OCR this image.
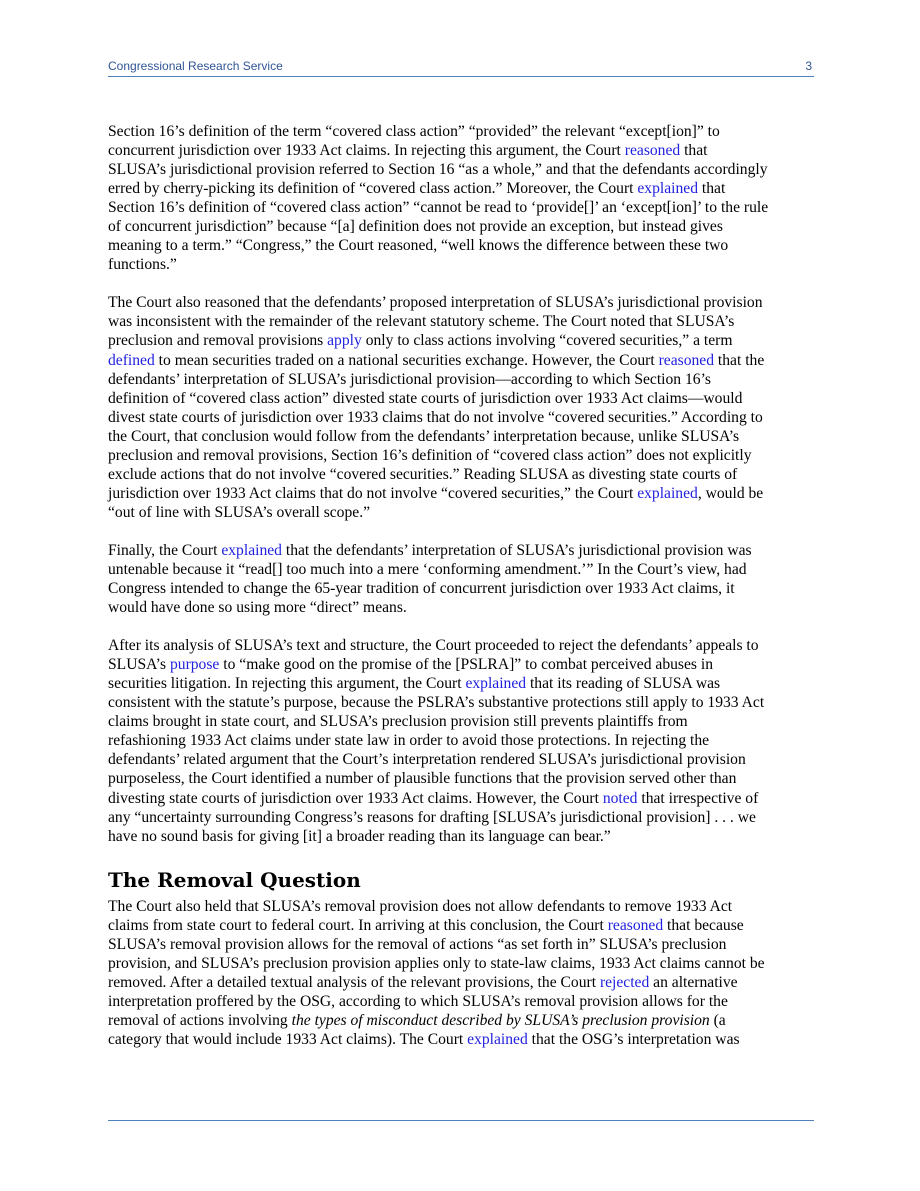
Congressional Research Service	3

Section 16’s definition of the term “covered class action” “provided” the relevant “except[ion]” to
concurrent jurisdiction over 1933 Act claims. In rejecting this argument, the Court reasoned that
SLUSA’s jurisdictional provision referred to Section 16 “as a whole,” and that the defendants accordingly
erred by cherry-picking its definition of “covered class action.” Moreover, the Court explained that
Section 16’s definition of “covered class action” “cannot be read to ‘provide[]’ an ‘except[ion]’ to the rule
of concurrent jurisdiction” because “[a] definition does not provide an exception, but instead gives
meaning to a term.” “Congress,” the Court reasoned, “well knows the difference between these two
functions.”

The Court also reasoned that the defendants’ proposed interpretation of SLUSA’s jurisdictional provision
was inconsistent with the remainder of the relevant statutory scheme. The Court noted that SLUSA’s
preclusion and removal provisions apply only to class actions involving “covered securities,” a term
defined to mean securities traded on a national securities exchange. However, the Court reasoned that the
defendants’ interpretation of SLUSA’s jurisdictional provision—according to which Section 16’s
definition of “covered class action” divested state courts of jurisdiction over 1933 Act claims—would
divest state courts of jurisdiction over 1933 claims that do not involve “covered securities.” According to
the Court, that conclusion would follow from the defendants’ interpretation because, unlike SLUSA’s
preclusion and removal provisions, Section 16’s definition of “covered class action” does not explicitly
exclude actions that do not involve “covered securities.” Reading SLUSA as divesting state courts of
jurisdiction over 1933 Act claims that do not involve “covered securities,” the Court explained, would be
“out of line with SLUSA’s overall scope.”

Finally, the Court explained that the defendants’ interpretation of SLUSA’s jurisdictional provision was
untenable because it “read[] too much into a mere ‘conforming amendment.’” In the Court’s view, had
Congress intended to change the 65-year tradition of concurrent jurisdiction over 1933 Act claims, it
would have done so using more “direct” means.

After its analysis of SLUSA’s text and structure, the Court proceeded to reject the defendants’ appeals to
SLUSA’s purpose to “make good on the promise of the [PSLRA]” to combat perceived abuses in
securities litigation. In rejecting this argument, the Court explained that its reading of SLUSA was
consistent with the statute’s purpose, because the PSLRA’s substantive protections still apply to 1933 Act
claims brought in state court, and SLUSA’s preclusion provision still prevents plaintiffs from
refashioning 1933 Act claims under state law in order to avoid those protections. In rejecting the
defendants’ related argument that the Court’s interpretation rendered SLUSA’s jurisdictional provision
purposeless, the Court identified a number of plausible functions that the provision served other than
divesting state courts of jurisdiction over 1933 Act claims. However, the Court noted that irrespective of
any “uncertainty surrounding Congress’s reasons for drafting [SLUSA’s jurisdictional provision] . . . we
have no sound basis for giving [it] a broader reading than its language can bear.”

The Removal Question

The Court also held that SLUSA’s removal provision does not allow defendants to remove 1933 Act
claims from state court to federal court. In arriving at this conclusion, the Court reasoned that because
SLUSA’s removal provision allows for the removal of actions “as set forth in” SLUSA’s preclusion
provision, and SLUSA’s preclusion provision applies only to state-law claims, 1933 Act claims cannot be
removed. After a detailed textual analysis of the relevant provisions, the Court rejected an alternative
interpretation proffered by the OSG, according to which SLUSA’s removal provision allows for the
removal of actions involving the types of misconduct described by SLUSA’s preclusion provision (a
category that would include 1933 Act claims). The Court explained that the OSG’s interpretation was
